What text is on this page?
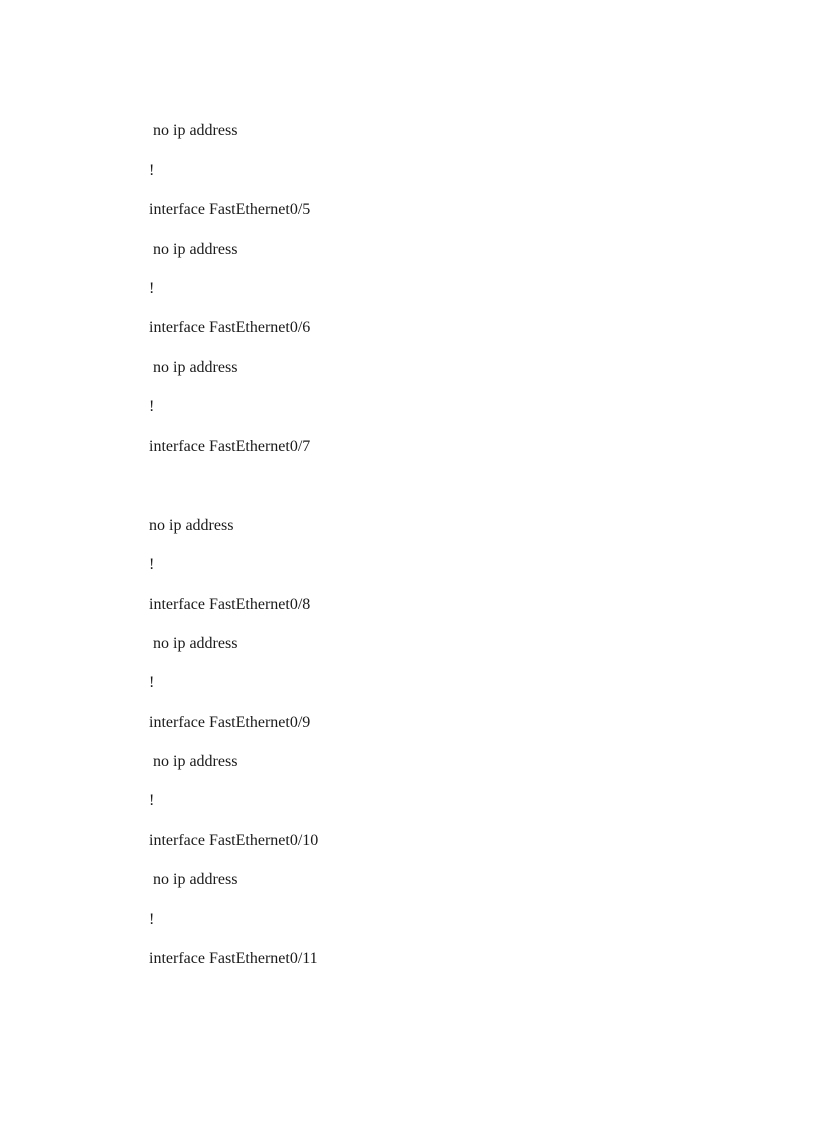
no ip address
!
interface FastEthernet0/5
no ip address
!
interface FastEthernet0/6
no ip address
!
interface FastEthernet0/7
no ip address
!
interface FastEthernet0/8
no ip address
!
interface FastEthernet0/9
no ip address
!
interface FastEthernet0/10
no ip address
!
interface FastEthernet0/11
